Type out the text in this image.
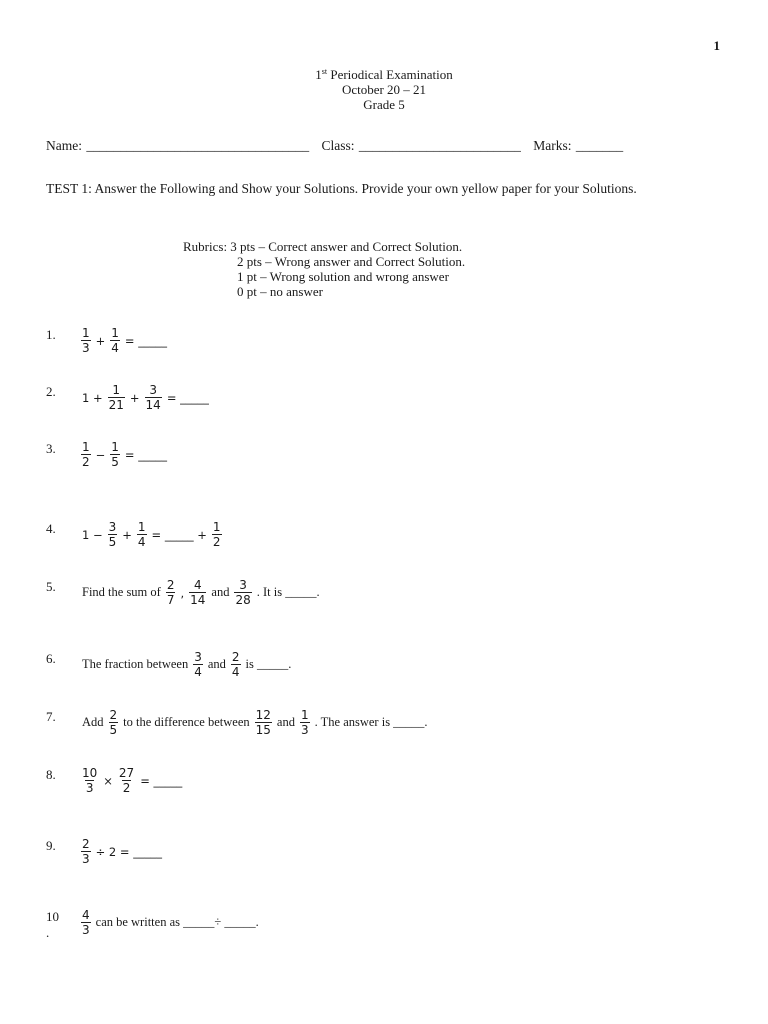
1
1st Periodical Examination
October 20 – 21
Grade 5
Name: _________________________________ Class: ________________________ Marks: _______
TEST 1: Answer the Following and Show your Solutions. Provide your own yellow paper for your Solutions.
Rubrics: 3 pts – Correct answer and Correct Solution.
2 pts – Wrong answer and Correct Solution.
1 pt – Wrong solution and wrong answer
0 pt – no answer
1. $\frac{1}{3} + \frac{1}{4}$ = _____
2. $1 + \frac{1}{21} + \frac{3}{14}$ = _____
3. $\frac{1}{2} - \frac{1}{5}$ = _____
4. $1 - \frac{3}{5} + \frac{1}{4}$ = _____ + $\frac{1}{2}$
5. Find the sum of $\frac{2}{7}$ , $\frac{4}{14}$ and $\frac{3}{28}$ . It is _____.
6. The fraction between $\frac{3}{4}$ and $\frac{2}{4}$ is _____.
7. Add $\frac{2}{5}$ to the difference between $\frac{12}{15}$ and $\frac{1}{3}$ . The answer is _____.
8. $\frac{10}{3} \times \frac{27}{2}$ = _____
9. $\frac{2}{3} \div 2$ = _____
10
.	$\frac{4}{3}$ can be written as _____÷ _____.
